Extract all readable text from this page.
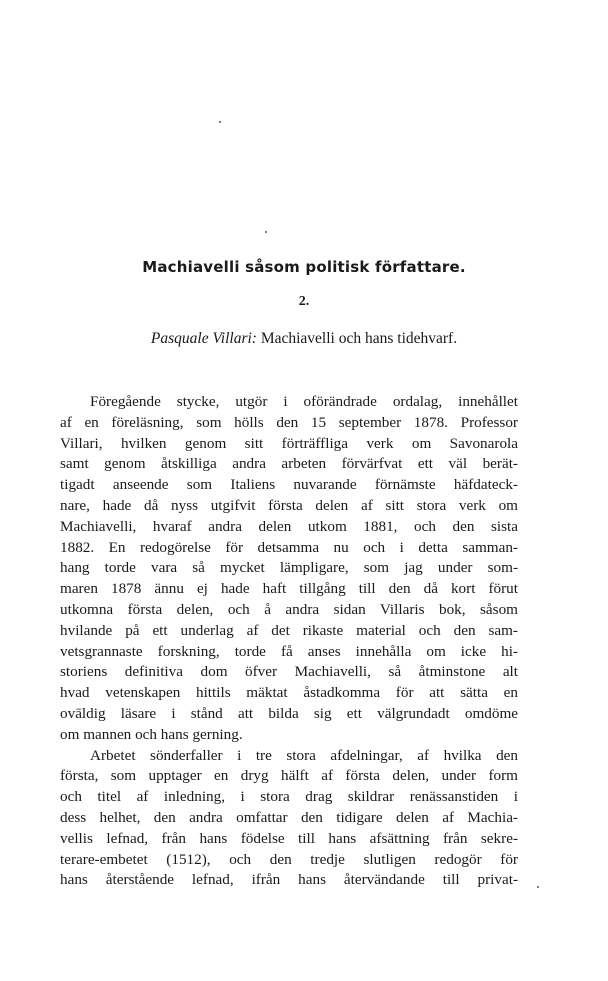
Machiavelli såsom politisk författare.
2.
Pasquale Villari: Machiavelli och hans tidehvarf.
Föregående stycke, utgör i oförändrade ordalag, innehållet
af en föreläsning, som hölls den 15 september 1878. Professor
Villari, hvilken genom sitt förträffliga verk om Savonarola
samt genom åtskilliga andra arbeten förvärfvat ett väl berät-
tigadt anseende som Italiens nuvarande förnämste häfdateck-
nare, hade då nyss utgifvit första delen af sitt stora verk om
Machiavelli, hvaraf andra delen utkom 1881, och den sista
1882. En redogörelse för detsamma nu och i detta samman-
hang torde vara så mycket lämpligare, som jag under som-
maren 1878 ännu ej hade haft tillgång till den då kort förut
utkomna första delen, och å andra sidan Villaris bok, såsom
hvilande på ett underlag af det rikaste material och den sam-
vetsgrannaste forskning, torde få anses innehålla om icke hi-
storiens definitiva dom öfver Machiavelli, så åtminstone alt
hvad vetenskapen hittils mäktat åstadkomma för att sätta en
ovāldig läsare i stånd att bilda sig ett välgrundadt omdöme
om mannen och hans gerning.
Arbetet sönderfaller i tre stora afdelningar, af hvilka den
första, som upptager en dryg hälft af första delen, under form
och titel af inledning, i stora drag skildrar renässanstiden i
dess helhet, den andra omfattar den tidigare delen af Machia-
vellis lefnad, från hans födelse till hans afsättning från sekre-
terare-embetet (1512), och den tredje slutligen redogör för
hans återstående lefnad, ifrån hans återvändande till privat-
